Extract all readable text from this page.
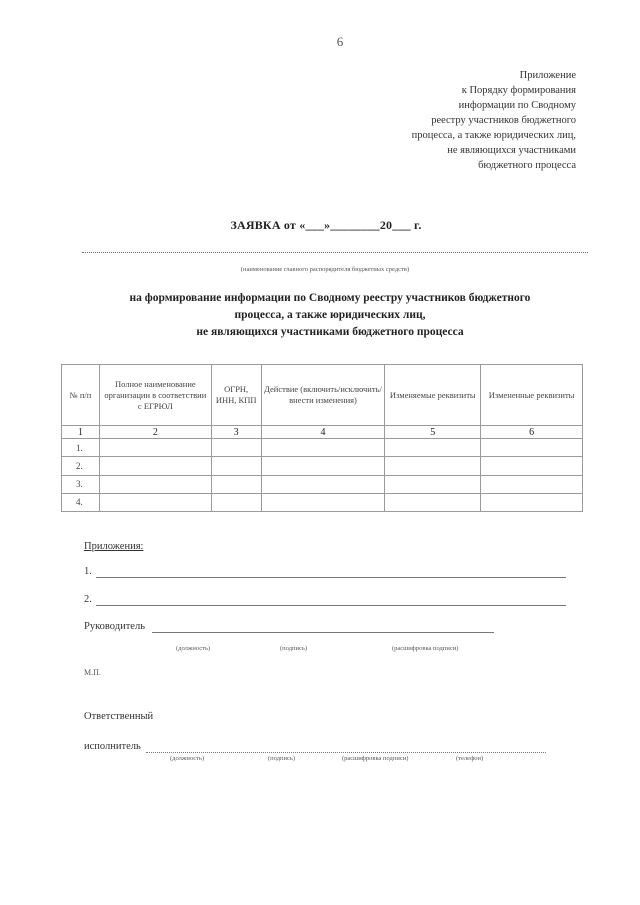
6
Приложение
к Порядку формирования
информации по Сводному
реестру участников бюджетного
процесса, а также юридических лиц,
не являющихся участниками
бюджетного процесса
ЗАЯВКА от «___»________20___ г.
(наименование главного распорядителя бюджетных средств)
на формирование информации по Сводному реестру участников бюджетного
процесса, а также юридических лиц,
не являющихся участниками бюджетного процесса
№ п/п	Полное наименование организации в соответствии с ЕГРЮЛ	ОГРН, ИНН, КПП	Действие (включить/исключить/ внести изменения)	Изменяемые реквизиты	Измененные реквизиты
1	2	3	4	5	6
1.					
2.					
3.					
4.					
Приложения:
1.
2.
Руководитель
(должность)	(подпись)	(расшифровка подписи)
М.П.
Ответственный
исполнитель
(должность)	(подпись)	(расшифровка подписи)	(телефон)
